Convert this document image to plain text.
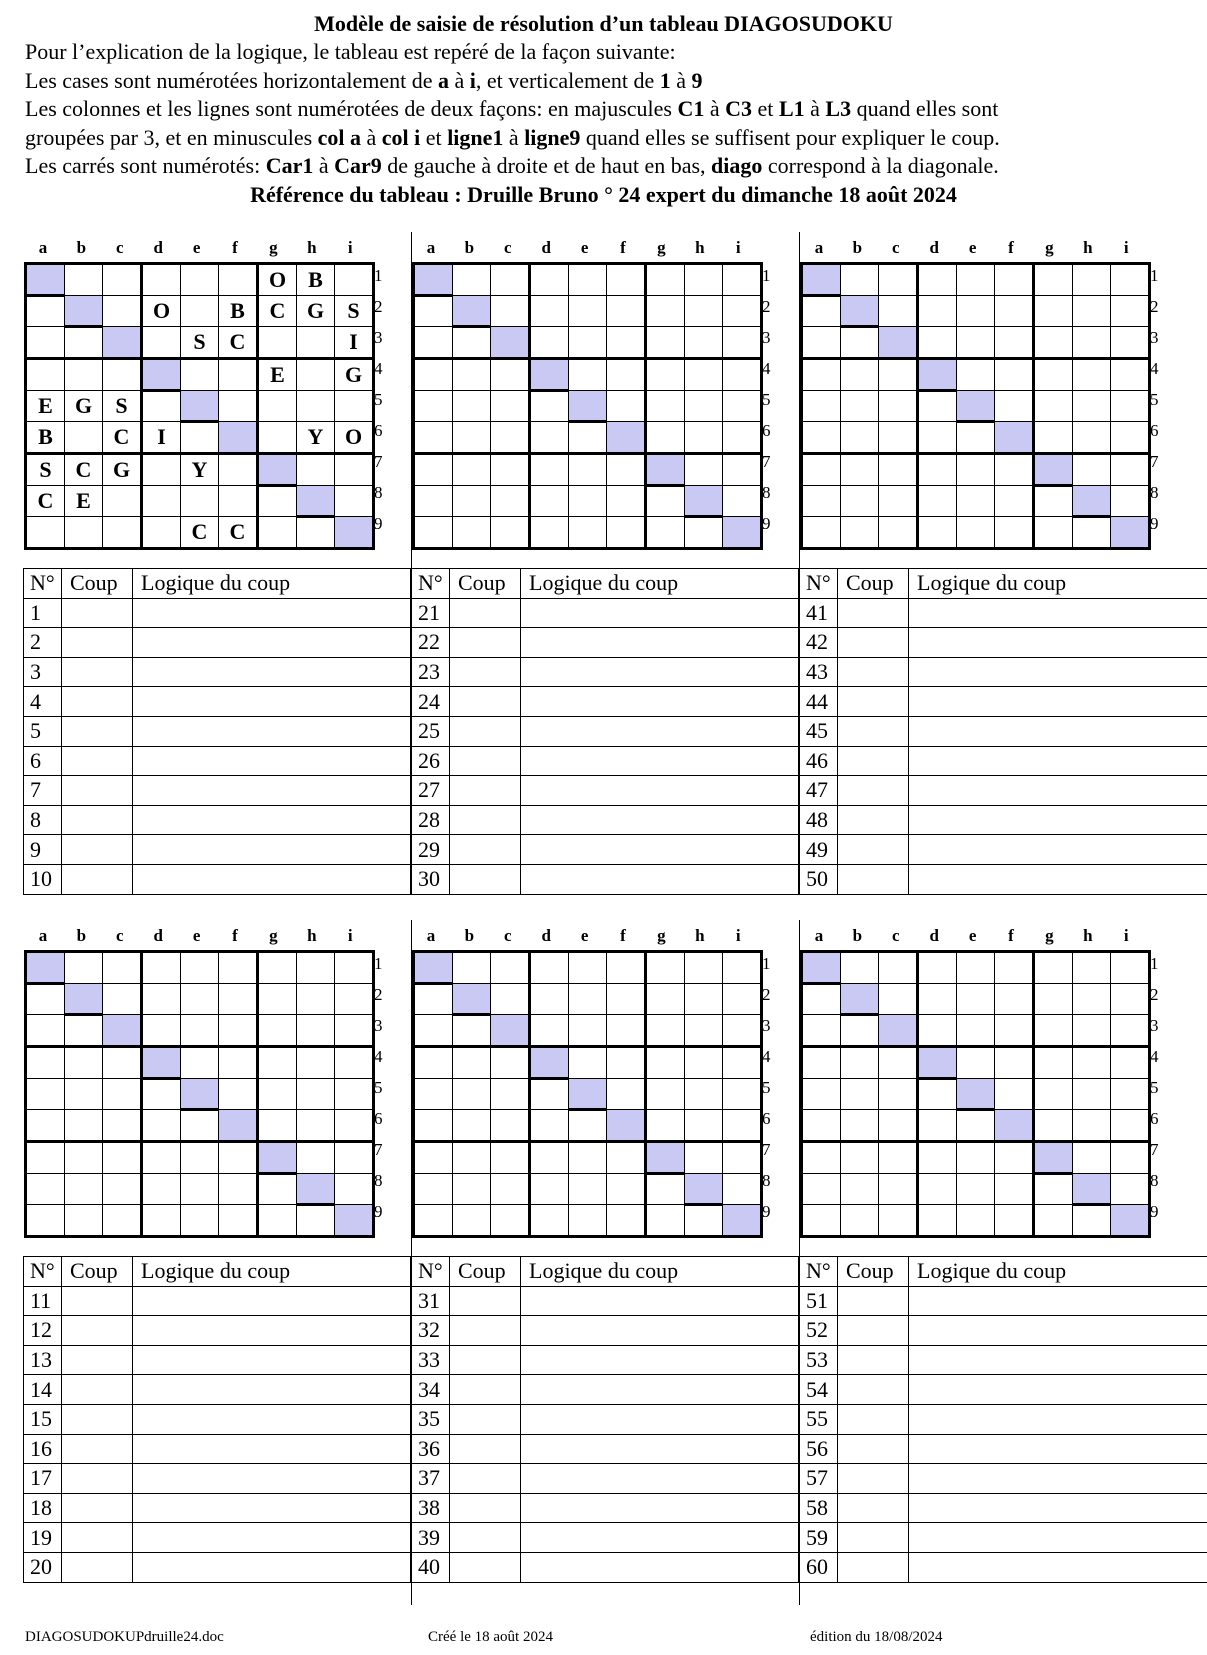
Modèle de saisie de résolution d’un tableau DIAGOSUDOKU
Pour l’explication de la logique, le tableau est repéré de la façon suivante:
Les cases sont numérotées horizontalement de a à i, et verticalement de 1 à 9
Les colonnes et les lignes sont numérotées de deux façons: en majuscules C1 à C3 et L1 à L3 quand elles sont
groupées par 3, et en minuscules col a à col i et ligne1 à ligne9 quand elles se suffisent pour expliquer le coup.
Les carrés sont numérotés: Car1 à Car9 de gauche à droite et de haut en bas, diago correspond à la diagonale.
Référence du tableau : Druille Bruno ° 24 expert du dimanche 18 août 2024
a	b	c	d	e	f	g	h	i
						O	B	
			O		B	C	G	S
				S	C			I
						E		G
E	G	S						
B		C	I				Y	O
S	C	G		Y				
C	E							
				C	C			
1
2
3
4
5
6
7
8
9
N°	Coup	Logique du coup
1		
2		
3		
4		
5		
6		
7		
8		
9		
10		
a	b	c	d	e	f	g	h	i

1
2
3
4
5
6
7
8
9
N°	Coup	Logique du coup
21		
22		
23		
24		
25		
26		
27		
28		
29		
30		
a	b	c	d	e	f	g	h	i

1
2
3
4
5
6
7
8
9
N°	Coup	Logique du coup
41		
42		
43		
44		
45		
46		
47		
48		
49		
50		
a	b	c	d	e	f	g	h	i

1
2
3
4
5
6
7
8
9
N°	Coup	Logique du coup
11		
12		
13		
14		
15		
16		
17		
18		
19		
20		
a	b	c	d	e	f	g	h	i

1
2
3
4
5
6
7
8
9
N°	Coup	Logique du coup
31		
32		
33		
34		
35		
36		
37		
38		
39		
40		
a	b	c	d	e	f	g	h	i

1
2
3
4
5
6
7
8
9
N°	Coup	Logique du coup
51		
52		
53		
54		
55		
56		
57		
58		
59		
60		
DIAGOSUDOKUPdruille24.doc	Créé le 18 août 2024	édition du 18/08/2024
